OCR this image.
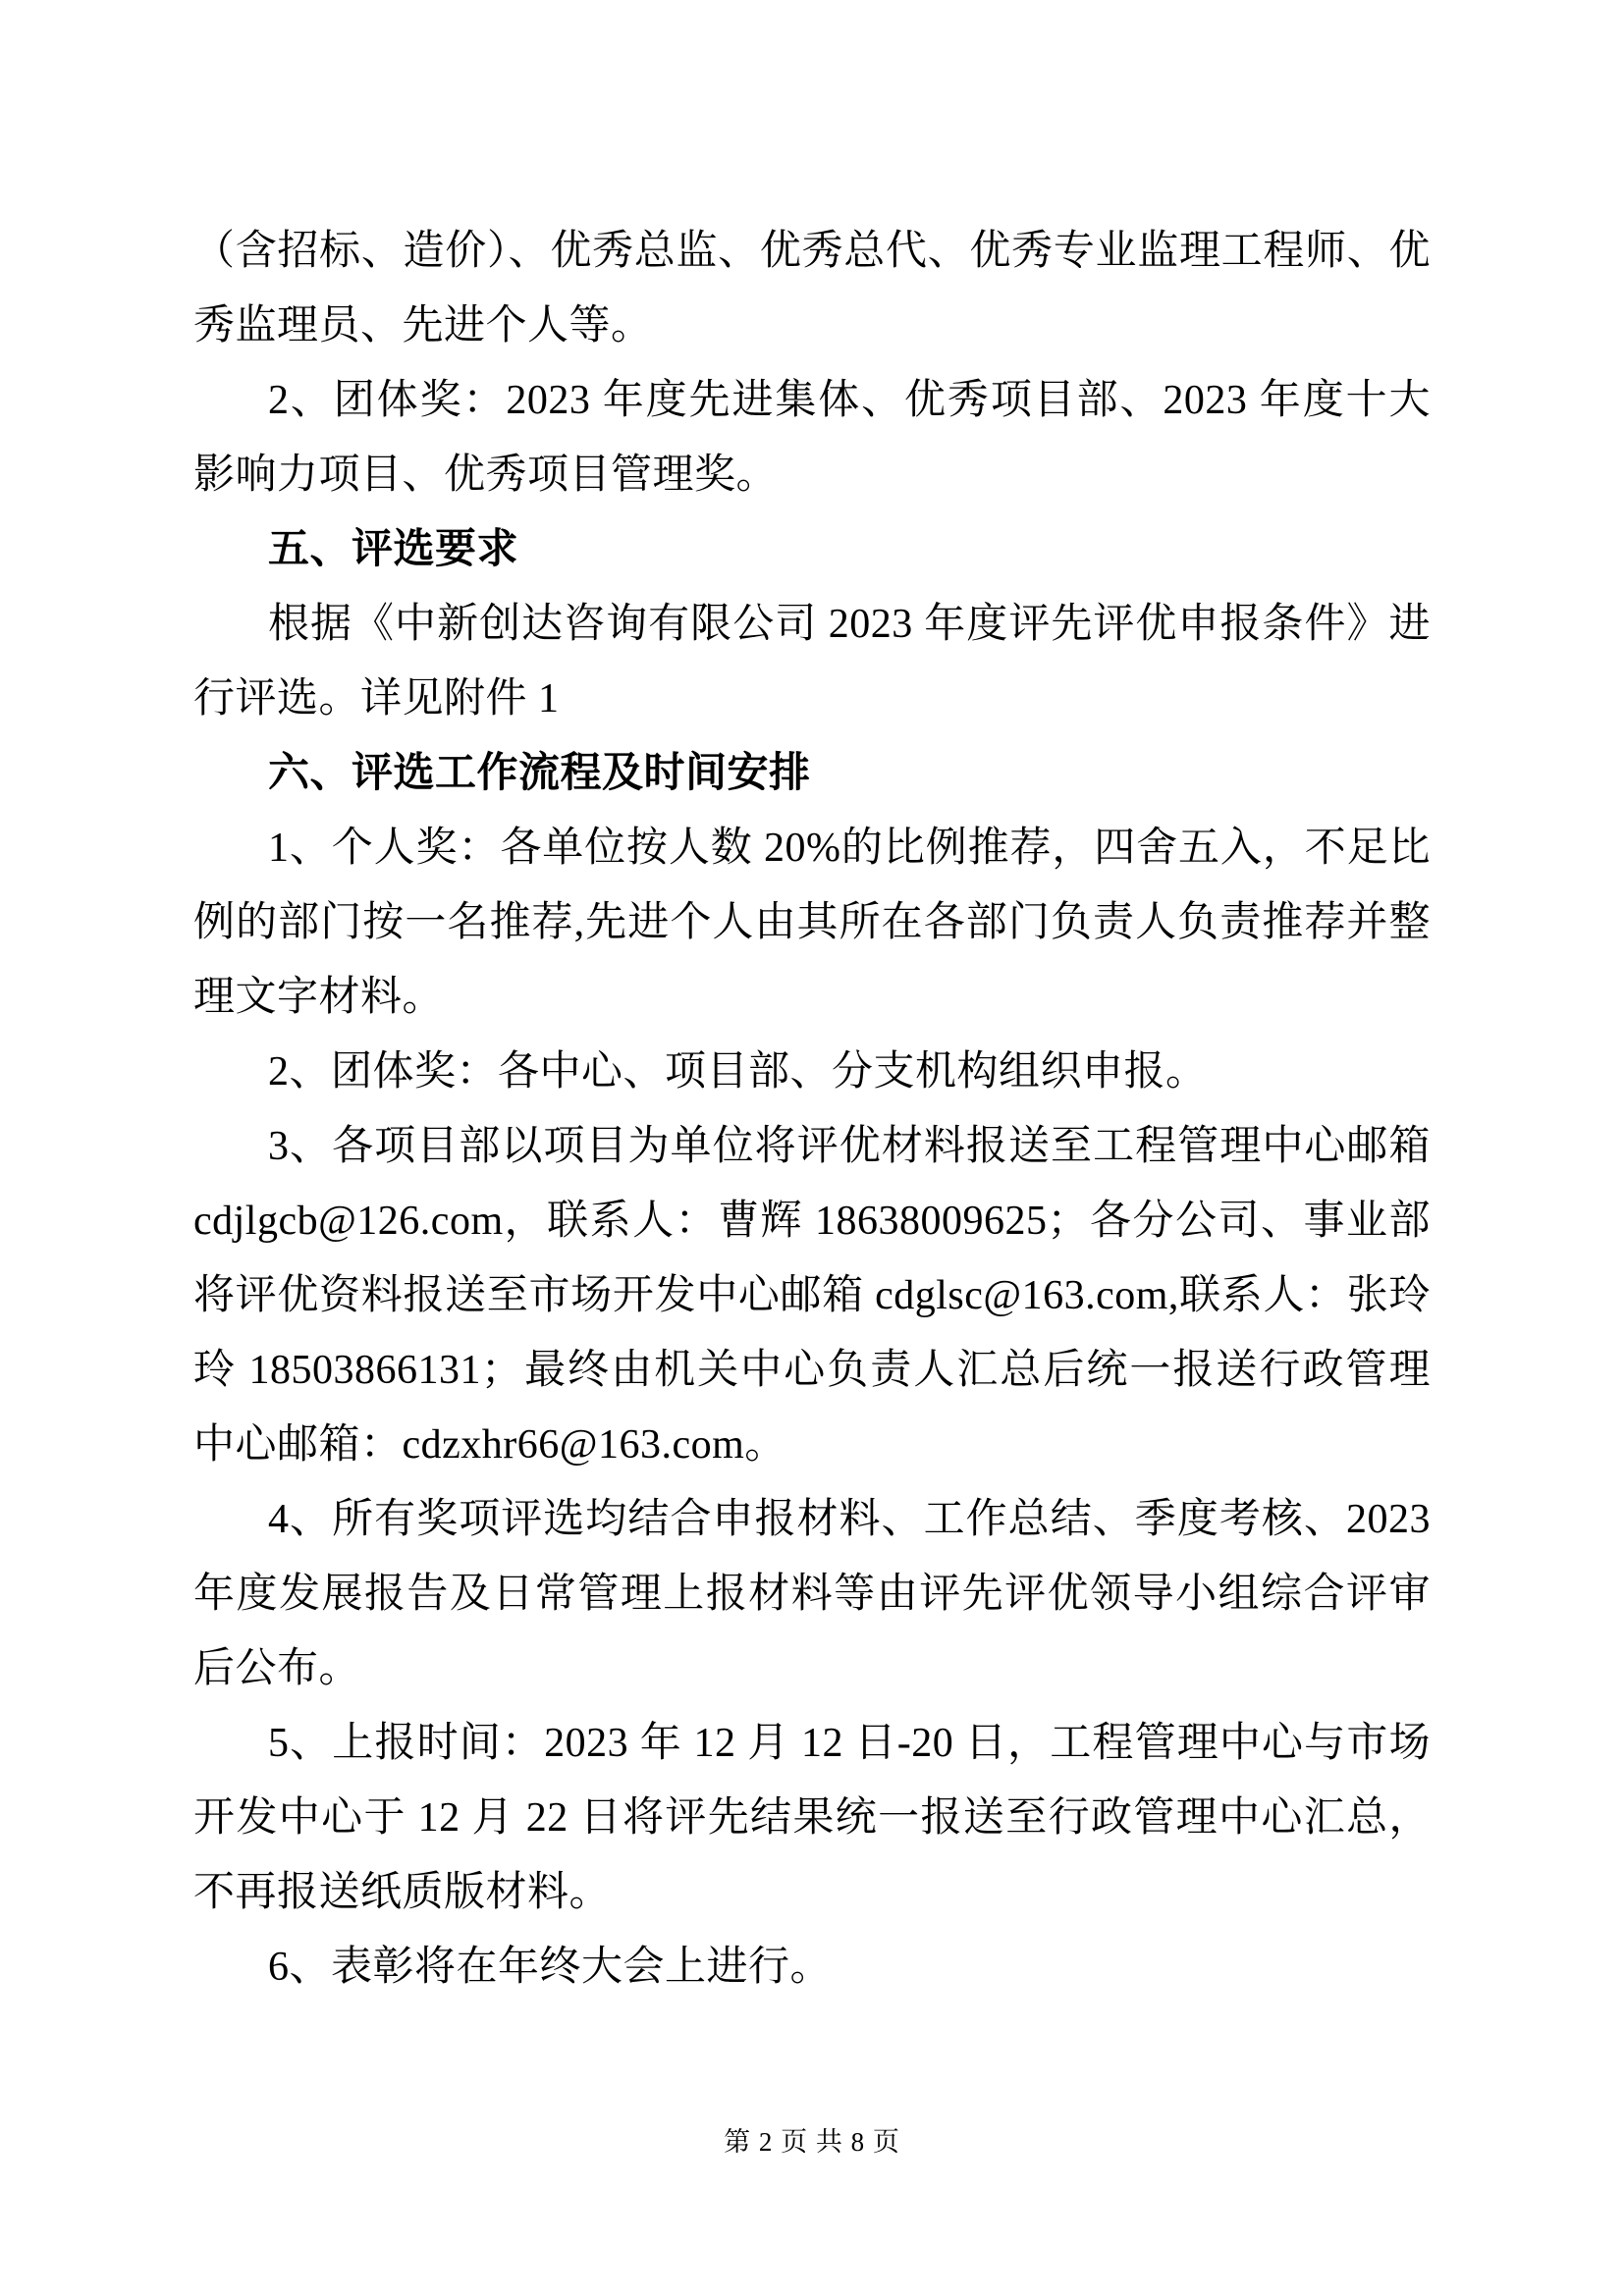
（含招标、造价）、优秀总监、优秀总代、优秀专业监理工程师、优秀监理员、先进个人等。

2、团体奖：2023 年度先进集体、优秀项目部、2023 年度十大影响力项目、优秀项目管理奖。

五、评选要求

根据《中新创达咨询有限公司 2023 年度评先评优申报条件》进行评选。详见附件 1

六、评选工作流程及时间安排

1、个人奖：各单位按人数 20%的比例推荐，四舍五入，不足比例的部门按一名推荐,先进个人由其所在各部门负责人负责推荐并整理文字材料。

2、团体奖：各中心、项目部、分支机构组织申报。

3、各项目部以项目为单位将评优材料报送至工程管理中心邮箱 cdjlgcb@126.com，联系人：曹辉 18638009625；各分公司、事业部将评优资料报送至市场开发中心邮箱 cdglsc@163.com,联系人：张玲玲 18503866131；最终由机关中心负责人汇总后统一报送行政管理中心邮箱：cdzxhr66@163.com。

4、所有奖项评选均结合申报材料、工作总结、季度考核、2023 年度发展报告及日常管理上报材料等由评先评优领导小组综合评审后公布。

5、上报时间：2023 年 12 月 12 日-20 日，工程管理中心与市场开发中心于 12 月 22 日将评先结果统一报送至行政管理中心汇总，不再报送纸质版材料。

6、表彰将在年终大会上进行。

第 2 页 共 8 页
